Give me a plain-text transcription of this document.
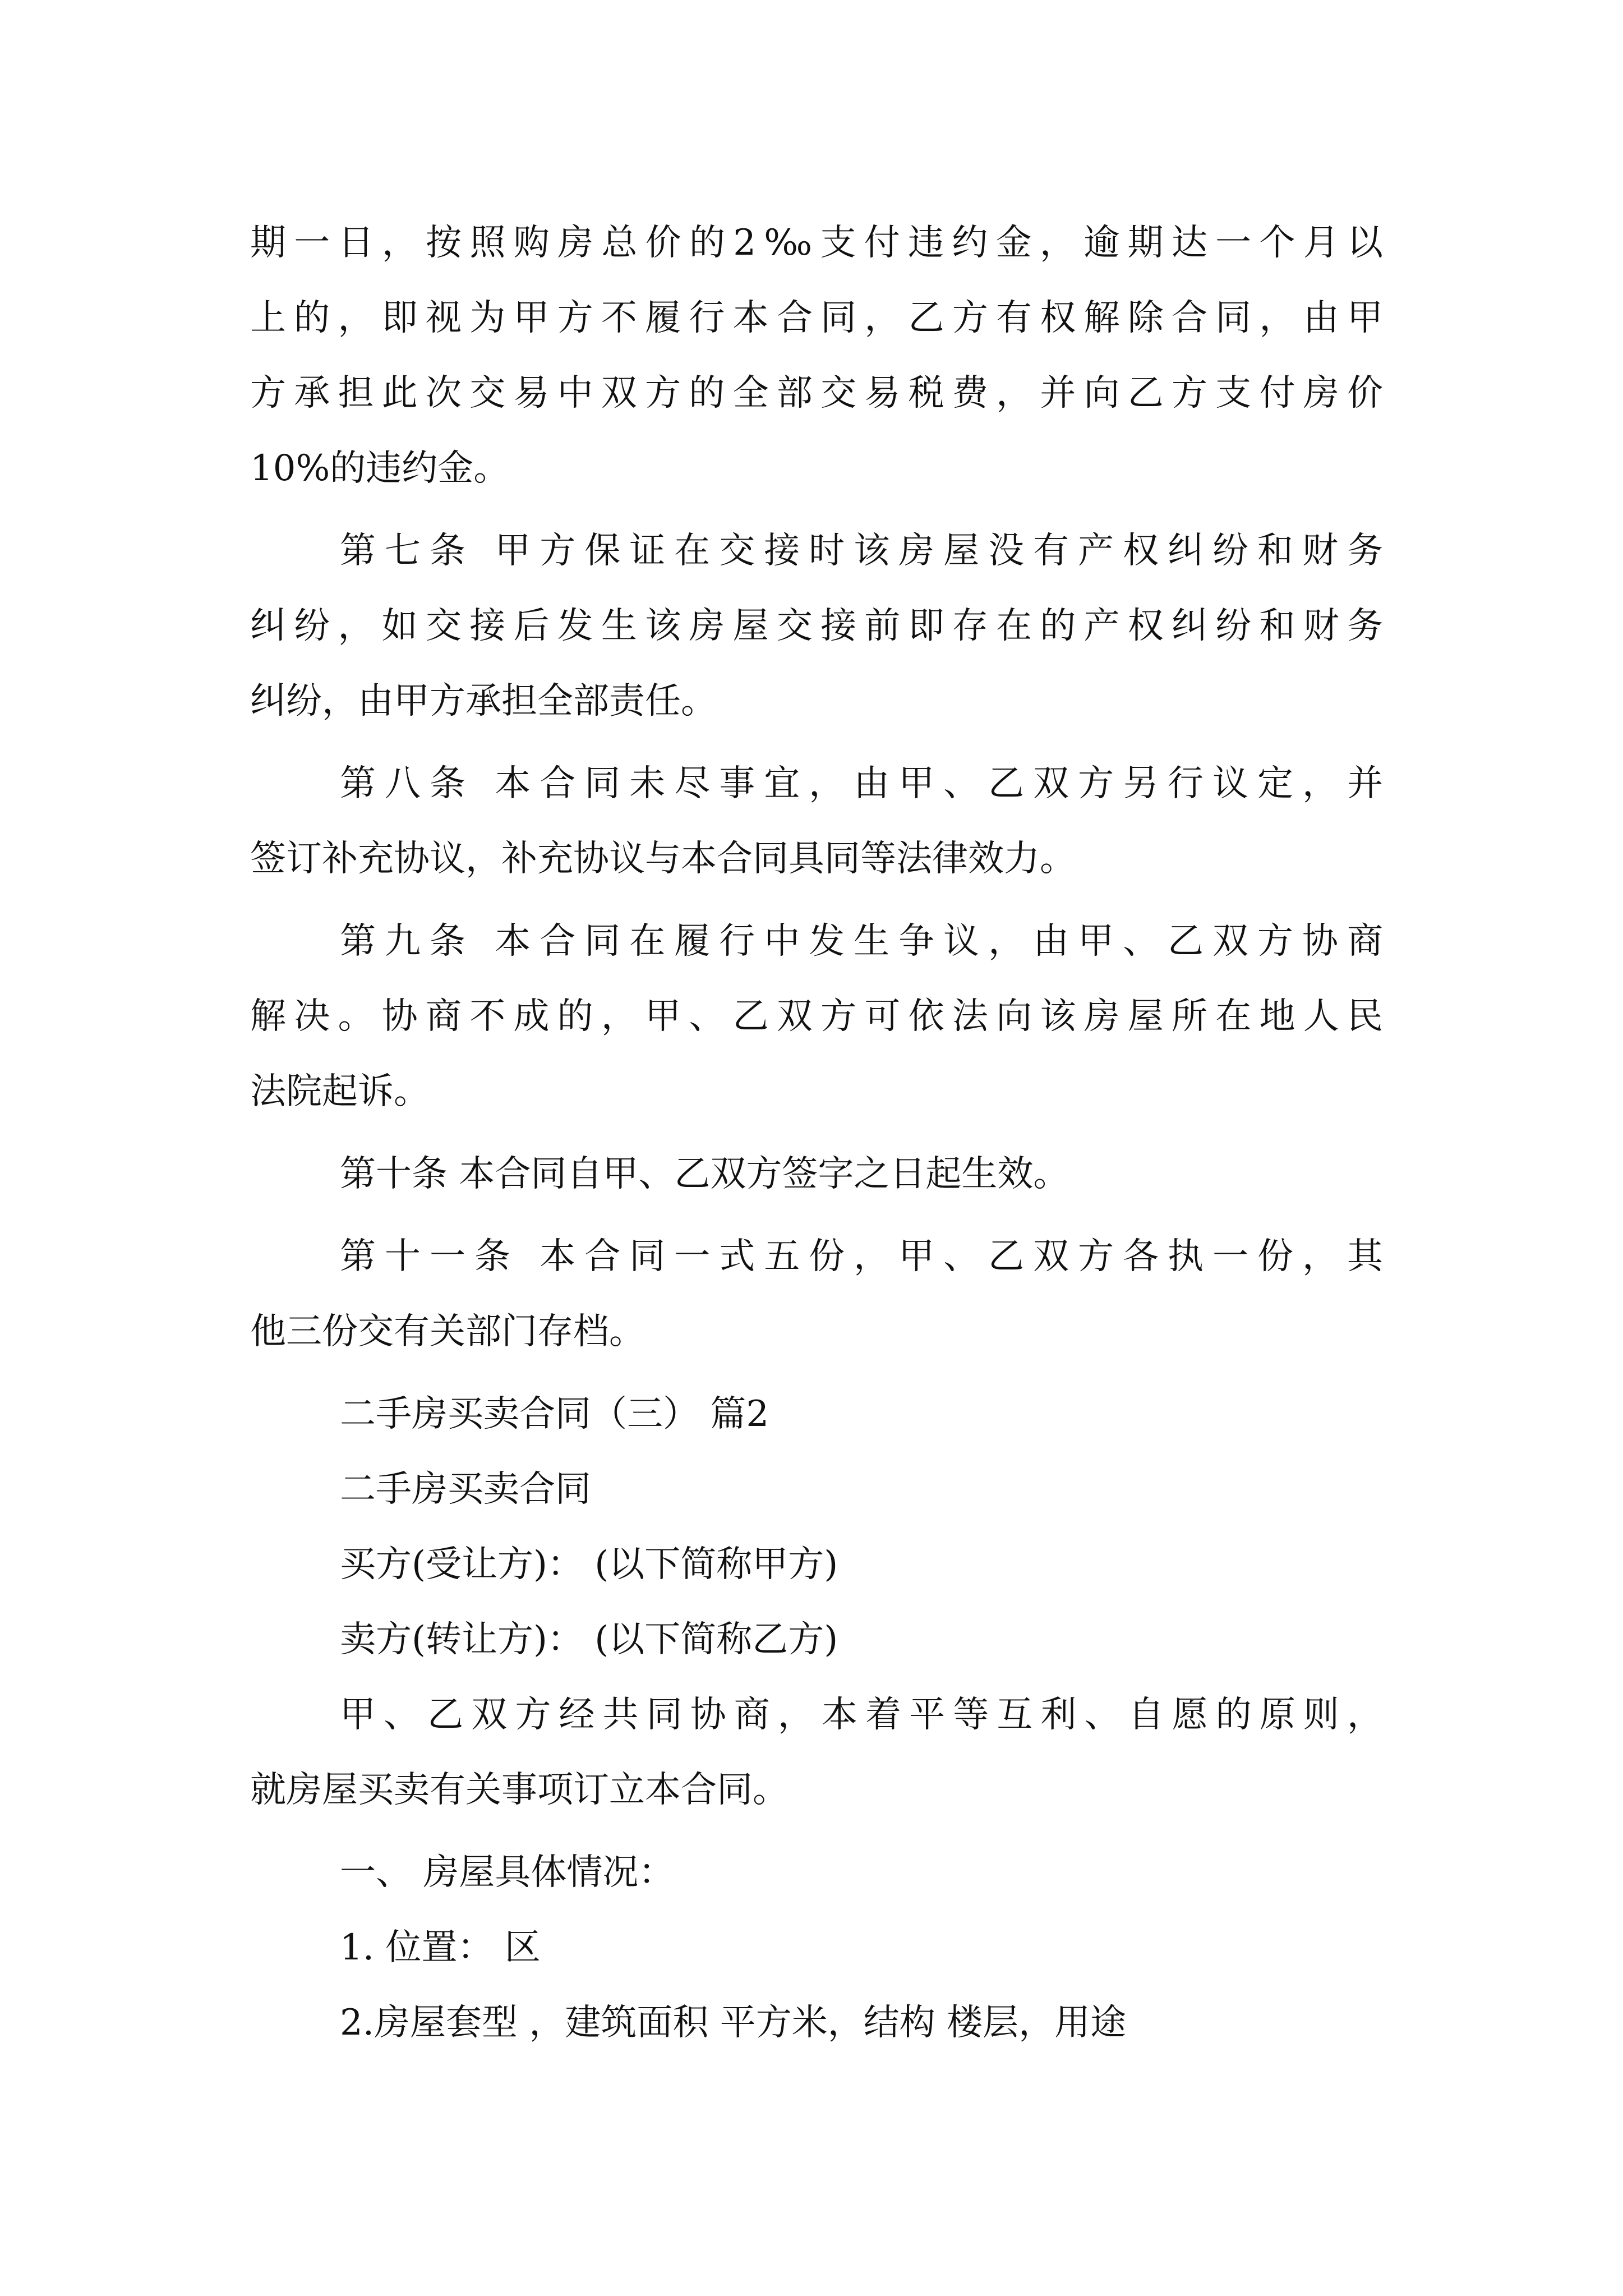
期一日，按照购房总价的2‰支付违约金，逾期达一个月以
上的，即视为甲方不履行本合同，乙方有权解除合同，由甲
方承担此次交易中双方的全部交易税费，并向乙方支付房价
10%的违约金。
第七条 甲方保证在交接时该房屋没有产权纠纷和财务
纠纷，如交接后发生该房屋交接前即存在的产权纠纷和财务
纠纷，由甲方承担全部责任。
第八条 本合同未尽事宜，由甲、乙双方另行议定，并
签订补充协议，补充协议与本合同具同等法律效力。
第九条 本合同在履行中发生争议，由甲、乙双方协商
解决。协商不成的，甲、乙双方可依法向该房屋所在地人民
法院起诉。
第十条 本合同自甲、乙双方签字之日起生效。
第十一条 本合同一式五份，甲、乙双方各执一份，其
他三份交有关部门存档。
二手房买卖合同（三） 篇2
二手房买卖合同
买方(受让方)： (以下简称甲方)
卖方(转让方)： (以下简称乙方)
甲、乙双方经共同协商，本着平等互利、自愿的原则，
就房屋买卖有关事项订立本合同。
一、 房屋具体情况：
1. 位置： 区
2.房屋套型 ，建筑面积 平方米，结构 楼层，用途
